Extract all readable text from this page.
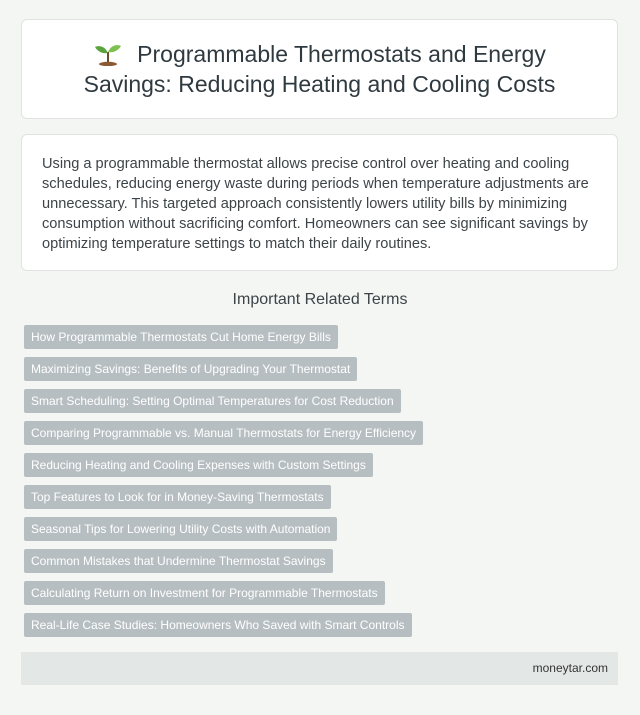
Programmable Thermostats and Energy Savings: Reducing Heating and Cooling Costs

Using a programmable thermostat allows precise control over heating and cooling schedules, reducing energy waste during periods when temperature adjustments are unnecessary. This targeted approach consistently lowers utility bills by minimizing consumption without sacrificing comfort. Homeowners can see significant savings by optimizing temperature settings to match their daily routines.

Important Related Terms
How Programmable Thermostats Cut Home Energy Bills
Maximizing Savings: Benefits of Upgrading Your Thermostat
Smart Scheduling: Setting Optimal Temperatures for Cost Reduction
Comparing Programmable vs. Manual Thermostats for Energy Efficiency
Reducing Heating and Cooling Expenses with Custom Settings
Top Features to Look for in Money-Saving Thermostats
Seasonal Tips for Lowering Utility Costs with Automation
Common Mistakes that Undermine Thermostat Savings
Calculating Return on Investment for Programmable Thermostats
Real-Life Case Studies: Homeowners Who Saved with Smart Controls
moneytar.com
